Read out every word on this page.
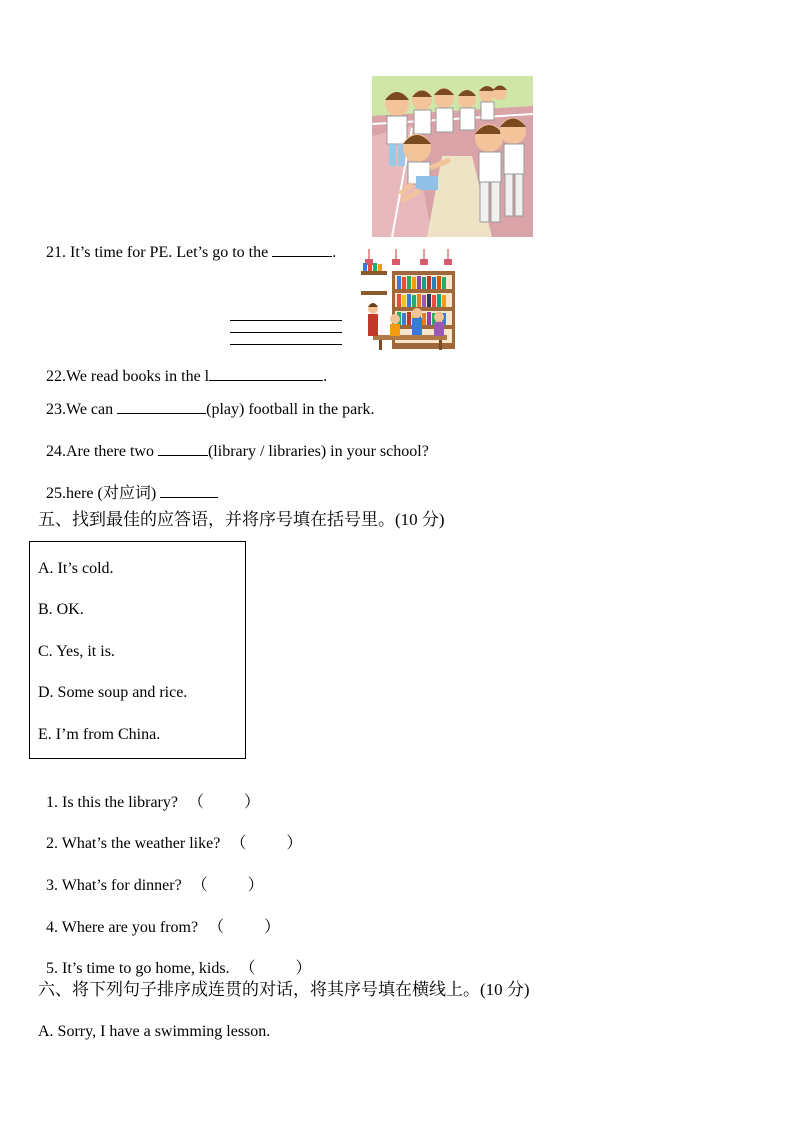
21. It’s time for PE. Let’s go to the	.

22.We read books in the l	.

23.We can	(play) football in the park.

24.Are there two	(library / libraries) in your school?

25.here (对应词)

五、找到最佳的应答语，并将序号填在括号里。(10 分)
A. It’s cold.
B. OK.
C. Yes, it is.
D. Some soup and rice.
E. I’m from China.

1. Is this the library? （          ）

2. What’s the weather like? （          ）

3. What’s for dinner? （          ）

4. Where are you from? （          ）

5. It’s time to go home, kids. （          ）

六、将下列句子排序成连贯的对话，将其序号填在横线上。(10 分)
A. Sorry, I have a swimming lesson.
